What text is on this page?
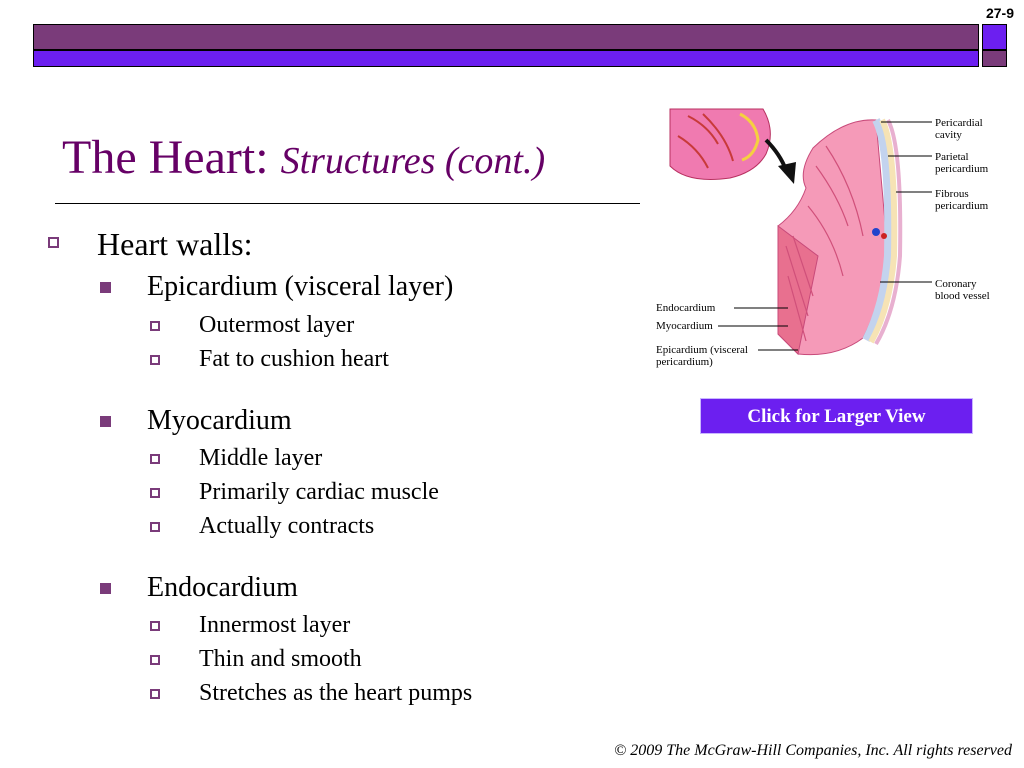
27-9
The Heart: Structures (cont.)
Heart walls:
Epicardium (visceral layer)
Outermost layer
Fat to cushion heart
Myocardium
Middle layer
Primarily cardiac muscle
Actually contracts
Endocardium
Innermost layer
Thin and smooth
Stretches as the heart pumps
Pericardial cavity
Parietal pericardium
Fibrous pericardium
Coronary blood vessel
Endocardium
Myocardium
Epicardium (visceral pericardium)
Click for Larger View
© 2009 The McGraw-Hill Companies, Inc. All rights reserved
